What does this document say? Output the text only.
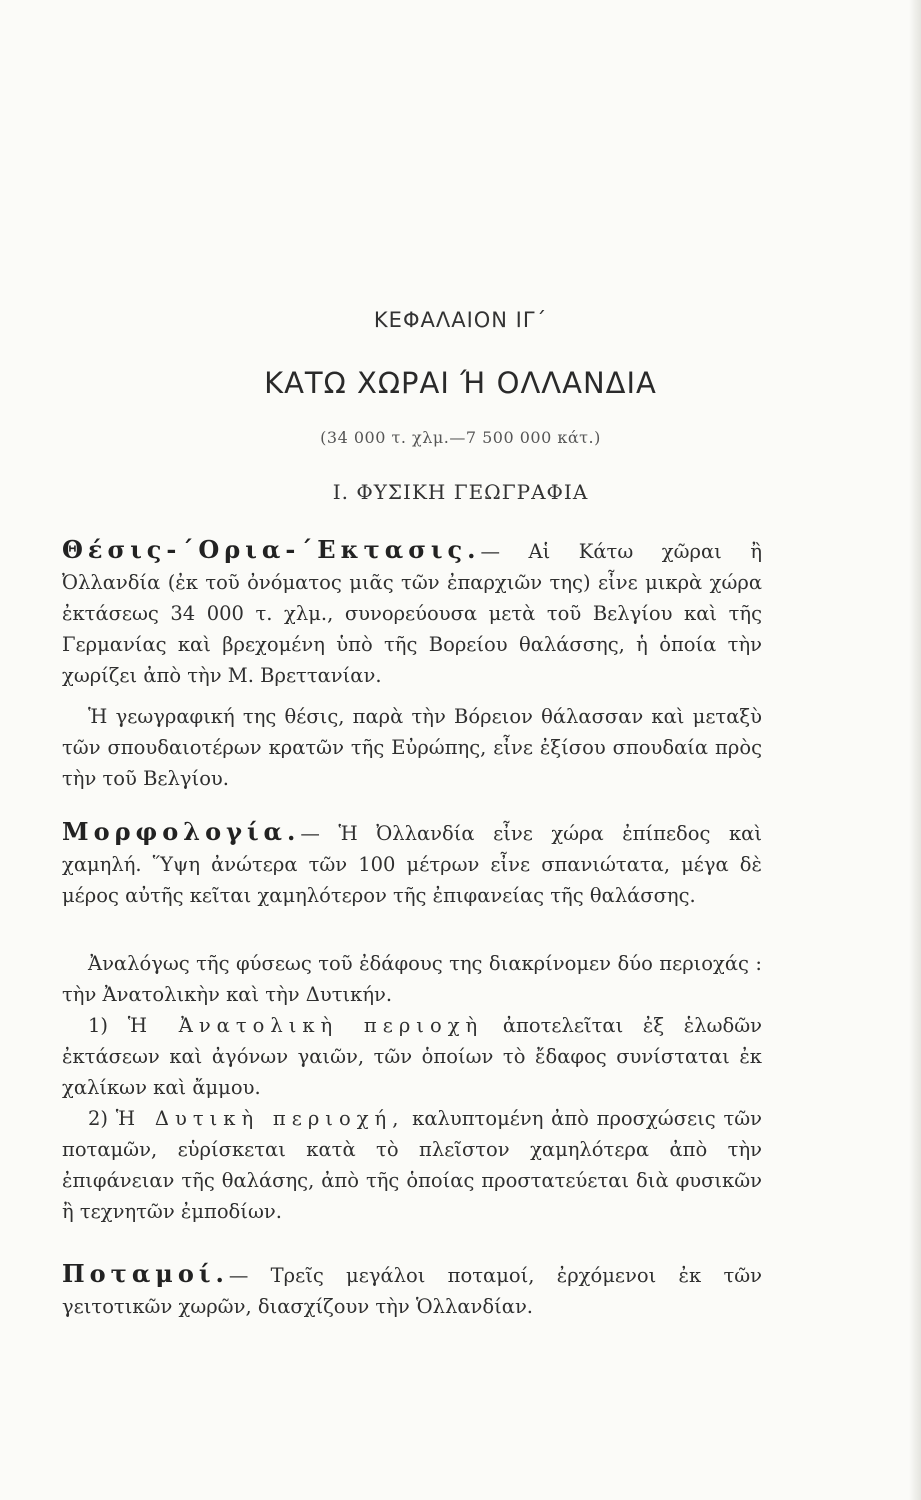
ΚΕΦΑΛΑΙΟΝ ΙΓ΄
ΚΑΤΩ ΧΩΡΑΙ Ή ΟΛΛΑΝΔΙΑ
(34 000 τ. χλμ.—7 500 000 κάτ.)
Ι. ΦΥΣΙΚΗ ΓΕΩΓΡΑΦΙΑ
Θέσις-΄Ορια-΄Εκτασις.— Αἱ Κάτω χῶραι ἢ Ὀλλανδία (ἐκ τοῦ ὀνόματος μιᾶς τῶν ἐπαρχιῶν της) εἶνε μικρὰ χώρα ἐκτάσεως 34 000 τ. χλμ., συνορεύουσα μετὰ τοῦ Βελγίου καὶ τῆς Γερμανίας καὶ βρεχομένη ὑπὸ τῆς Βορείου θαλάσσης, ἡ ὁποία τὴν χωρίζει ἀπὸ τὴν Μ. Βρεττανίαν.
Ἡ γεωγραφική της θέσις, παρὰ τὴν Βόρειον θάλασσαν καὶ μεταξὺ τῶν σπουδαιοτέρων κρατῶν τῆς Εὐρώπης, εἶνε ἐξίσου σπουδαία πρὸς τὴν τοῦ Βελγίου.
Μορφολογία.— Ἡ Ὀλλανδία εἶνε χώρα ἐπίπεδος καὶ χαμηλή. Ὕψη ἀνώτερα τῶν 100 μέτρων εἶνε σπανιώτατα, μέγα δὲ μέρος αὐτῆς κεῖται χαμηλότερον τῆς ἐπιφανείας τῆς θαλάσσης.
Ἀναλόγως τῆς φύσεως τοῦ ἐδάφους της διακρίνομεν δύο περιοχάς : τὴν Ἀνατολικὴν καὶ τὴν Δυτικήν.
1) Ἡ Ἀνατολικὴ περιοχὴ ἀποτελεῖται ἐξ ἑλωδῶν ἐκτάσεων καὶ ἀγόνων γαιῶν, τῶν ὁποίων τὸ ἔδαφος συνίσταται ἐκ χαλίκων καὶ ἄμμου.
2) Ἡ Δυτικὴ περιοχή, καλυπτομένη ἀπὸ προσχώσεις τῶν ποταμῶν, εὑρίσκεται κατὰ τὸ πλεῖστον χαμηλότερα ἀπὸ τὴν ἐπιφάνειαν τῆς θαλάσης, ἀπὸ τῆς ὁποίας προστατεύεται διὰ φυσικῶν ἢ τεχνητῶν ἐμποδίων.
Ποταμοί.— Τρεῖς μεγάλοι ποταμοί, ἐρχόμενοι ἐκ τῶν γειτοτικῶν χωρῶν, διασχίζουν τὴν Ὁλλανδίαν.
